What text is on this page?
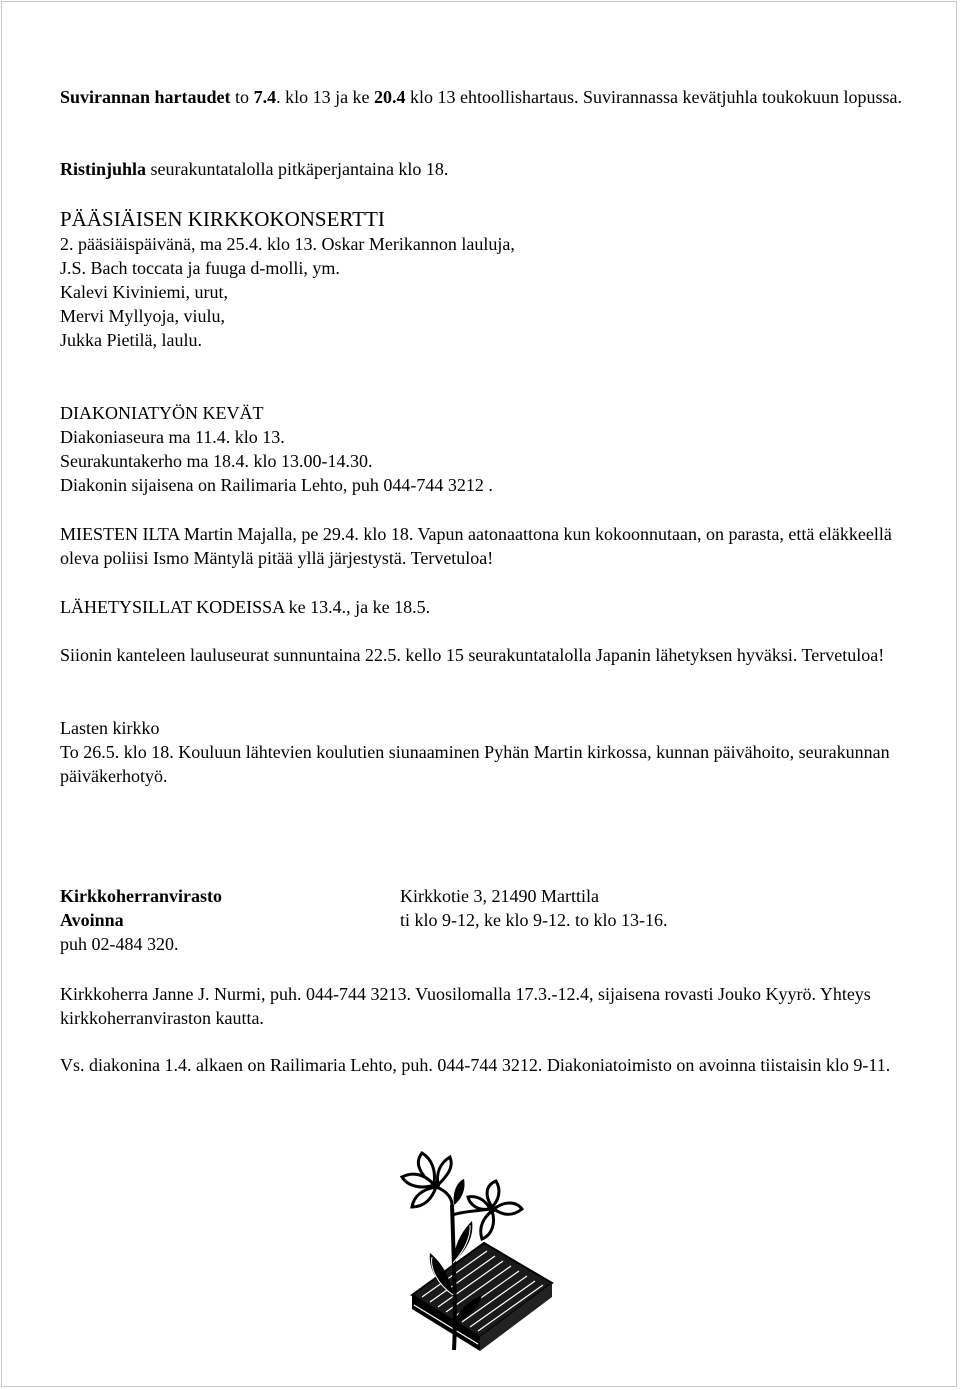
Suvirannan hartaudet to 7.4. klo 13 ja ke 20.4 klo 13 ehtoollishartaus. Suvirannassa kevätjuhla toukokuun lopussa.

Ristinjuhla seurakuntatalolla pitkäperjantaina klo 18.

PÄÄSIÄISEN KIRKKOKONSERTTI
2. pääsiäispäivänä, ma 25.4. klo 13. Oskar Merikannon lauluja,
J.S. Bach toccata ja fuuga d-molli, ym.
Kalevi Kiviniemi, urut,
Mervi Myllyoja, viulu,
Jukka Pietilä, laulu.
DIAKONIATYÖN KEVÄT
Diakoniaseura ma 11.4. klo 13.
Seurakuntakerho ma 18.4. klo 13.00-14.30.
Diakonin sijaisena on Railimaria Lehto, puh 044-744 3212 .

MIESTEN ILTA Martin Majalla, pe 29.4. klo 18. Vapun aatonaattona kun kokoonnutaan, on parasta, että eläkkeellä oleva poliisi Ismo Mäntylä pitää yllä järjestystä. Tervetuloa!

LÄHETYSILLAT KODEISSA ke 13.4., ja ke 18.5.

Siionin kanteleen lauluseurat sunnuntaina 22.5. kello 15 seurakuntatalolla Japanin lähetyksen hyväksi. Tervetuloa!

Lasten kirkko
To 26.5. klo 18. Kouluun lähtevien koulutien siunaaminen Pyhän Martin kirkossa, kunnan päivähoito, seurakunnan päiväkerhotyö.
Kirkkoherranvirasto	Kirkkotie 3, 21490 Marttila
Avoinna	ti klo 9-12, ke klo 9-12. to klo 13-16.
puh 02-484 320.

Kirkkoherra Janne J. Nurmi, puh. 044-744 3213. Vuosilomalla 17.3.-12.4, sijaisena rovasti Jouko Kyyrö. Yhteys kirkkoherranviraston kautta.

Vs. diakonina 1.4. alkaen on Railimaria Lehto, puh. 044-744 3212. Diakoniatoimisto on avoinna tiistaisin klo 9-11.
